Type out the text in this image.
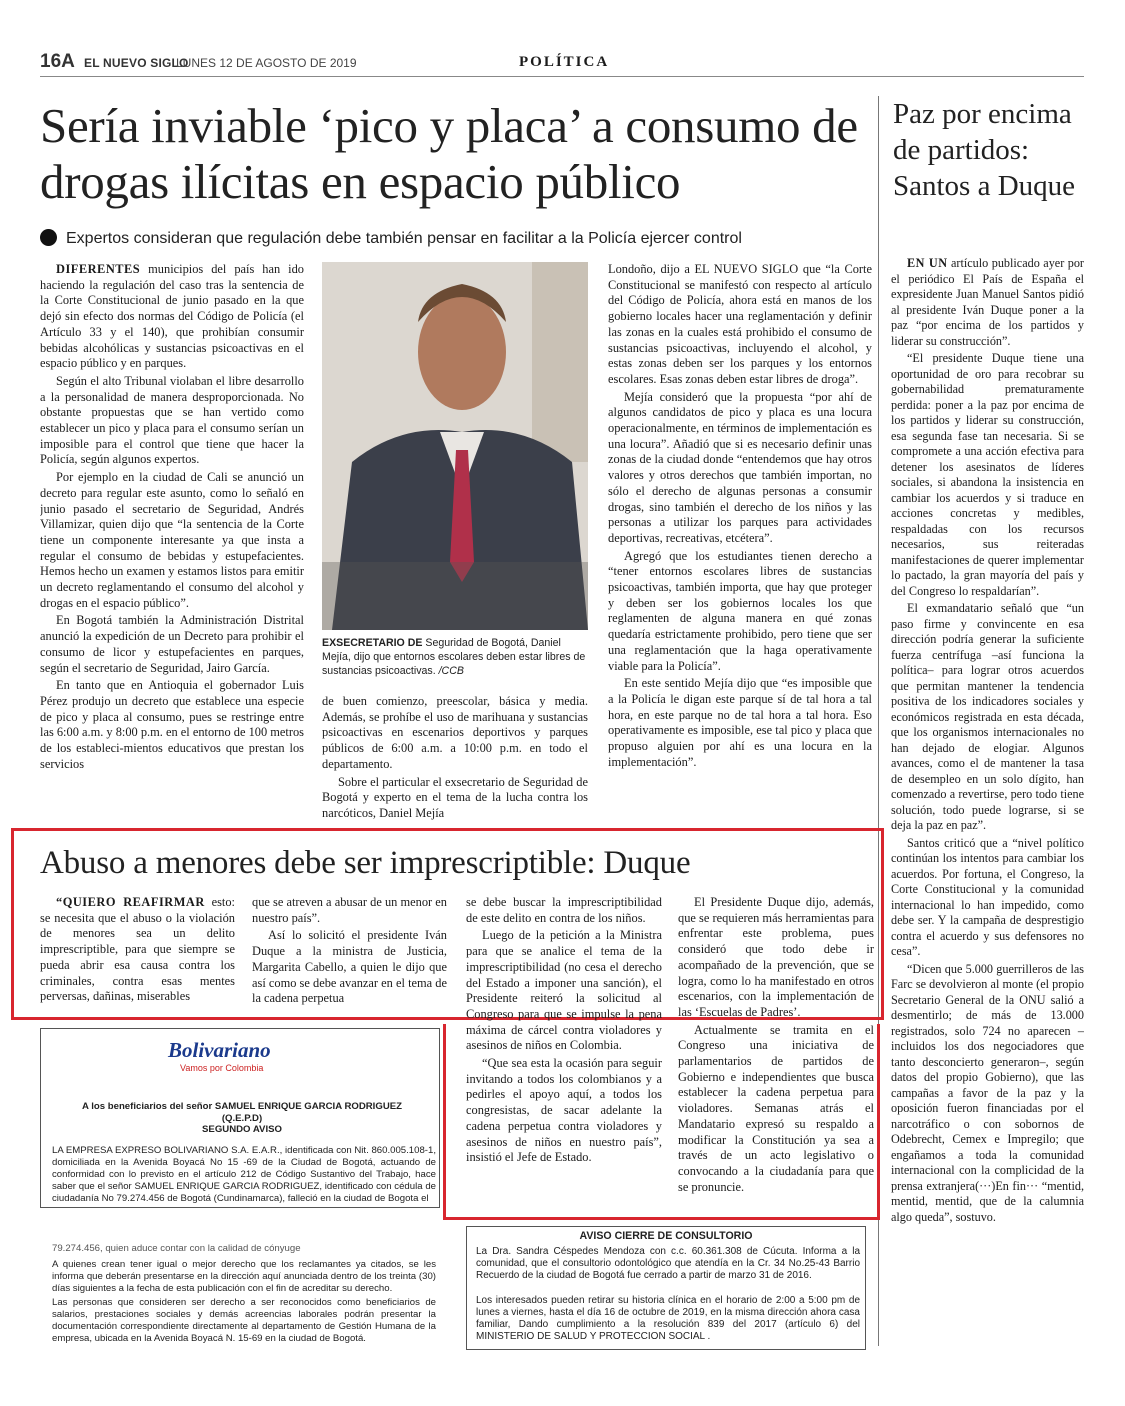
16A EL NUEVO SIGLO
LUNES 12 DE AGOSTO DE 2019	POLÍTICA
Sería inviable ‘pico y placa’ a consumo de drogas ilícitas en espacio público
Expertos consideran que regulación debe también pensar en facilitar a la Policía ejercer control

DIFERENTES municipios del país han ido haciendo la regulación del caso tras la sentencia de la Corte Constitucional de junio pasado en la que dejó sin efecto dos normas del Código de Policía (el Artículo 33 y el 140), que prohibían consumir bebidas alcohólicas y sustancias psicoactivas en el espacio público y en parques.

Según el alto Tribunal violaban el libre desarrollo a la personalidad de manera desproporcionada. No obstante propuestas que se han vertido como establecer un pico y placa para el consumo serían un imposible para el control que tiene que hacer la Policía, según algunos expertos.

Por ejemplo en la ciudad de Cali se anunció un decreto para regular este asunto, como lo señaló en junio pasado el secretario de Seguridad, Andrés Villamizar, quien dijo que “la sentencia de la Corte tiene un componente interesante ya que insta a regular el consumo de bebidas y estupefacientes. Hemos hecho un examen y estamos listos para emitir un decreto reglamentando el consumo del alcohol y drogas en el espacio público”.

En Bogotá también la Administración Distrital anunció la expedición de un Decreto para prohibir el consumo de licor y estupefacientes en parques, según el secretario de Seguridad, Jairo García.

En tanto que en Antioquia el gobernador Luis Pérez produjo un decreto que establece una especie de pico y placa al consumo, pues se restringe entre las 6:00 a.m. y 8:00 p.m. en el entorno de 100 metros de los estableci-mientos educativos que prestan los servicios

EXSECRETARIO DE Seguridad de Bogotá, Daniel Mejía, dijo que entornos escolares deben estar libres de sustancias psicoactivas. /CCB

de buen comienzo, preescolar, básica y media. Además, se prohíbe el uso de marihuana y sustancias psicoactivas en escenarios deportivos y parques públicos de 6:00 a.m. a 10:00 p.m. en todo el departamento.

Sobre el particular el exsecretario de Seguridad de Bogotá y experto en el tema de la lucha contra los narcóticos, Daniel Mejía

Londoño, dijo a EL NUEVO SIGLO que “la Corte Constitucional se manifestó con respecto al artículo del Código de Policía, ahora está en manos de los gobierno locales hacer una reglamentación y definir las zonas en la cuales está prohibido el consumo de sustancias psicoactivas, incluyendo el alcohol, y estas zonas deben ser los parques y los entornos escolares. Esas zonas deben estar libres de droga”.

Mejía consideró que la propuesta “por ahí de algunos candidatos de pico y placa es una locura operacionalmente, en términos de implementación es una locura”. Añadió que si es necesario definir unas zonas de la ciudad donde “entendemos que hay otros valores y otros derechos que también importan, no sólo el derecho de algunas personas a consumir drogas, sino también el derecho de los niños y las personas a utilizar los parques para actividades deportivas, recreativas, etcétera”.

Agregó que los estudiantes tienen derecho a “tener entornos escolares libres de sustancias psicoactivas, también importa, que hay que proteger y deben ser los gobiernos locales los que reglamenten de alguna manera en qué zonas quedaría estrictamente prohibido, pero tiene que ser una reglamentación que la haga operativamente viable para la Policía”.

En este sentido Mejía dijo que “es imposible que a la Policía le digan este parque sí de tal hora a tal hora, en este parque no de tal hora a tal hora. Eso operativamente es imposible, ese tal pico y placa que propuso alguien por ahí es una locura en la implementación”.

Paz por encima de partidos: Santos a Duque

EN UN artículo publicado ayer por el periódico El País de España el expresidente Juan Manuel Santos pidió al presidente Iván Duque poner a la paz “por encima de los partidos y liderar su construcción”.

“El presidente Duque tiene una oportunidad de oro para recobrar su gobernabilidad prematuramente perdida: poner a la paz por encima de los partidos y liderar su construcción, esa segunda fase tan necesaria. Si se compromete a una acción efectiva para detener los asesinatos de líderes sociales, si abandona la insistencia en cambiar los acuerdos y si traduce en acciones concretas y medibles, respaldadas con los recursos necesarios, sus reiteradas manifestaciones de querer implementar lo pactado, la gran mayoría del país y del Congreso lo respaldarían”.

El exmandatario señaló que “un paso firme y convincente en esa dirección podría generar la suficiente fuerza centrífuga –así funciona la política– para lograr otros acuerdos que permitan mantener la tendencia positiva de los indicadores sociales y económicos registrada en esta década, que los organismos internacionales no han dejado de elogiar. Algunos avances, como el de mantener la tasa de desempleo en un solo dígito, han comenzado a revertirse, pero todo tiene solución, todo puede lograrse, si se deja la paz en paz”.

Santos criticó que a “nivel político continúan los intentos para cambiar los acuerdos. Por fortuna, el Congreso, la Corte Constitucional y la comunidad internacional lo han impedido, como debe ser. Y la campaña de desprestigio contra el acuerdo y sus defensores no cesa”.

“Dicen que 5.000 guerrilleros de las Farc se devolvieron al monte (el propio Secretario General de la ONU salió a desmentirlo; de más de 13.000 registrados, solo 724 no aparecen –incluidos los dos negociadores que tanto desconcierto generaron–, según datos del propio Gobierno), que las campañas a favor de la paz y la oposición fueron financiadas por el narcotráfico o con sobornos de Odebrecht, Cemex e Impregilo; que engañamos a toda la comunidad internacional con la complicidad de la prensa extranjera(···)En fin··· “mentid, mentid, mentid, que de la calumnia algo queda”, sostuvo.

Abuso a menores debe ser imprescriptible: Duque

“QUIERO REAFIRMAR esto: se necesita que el abuso o la violación de menores sea un delito imprescriptible, para que siempre se pueda abrir esa causa contra los criminales, contra esas mentes perversas, dañinas, miserables

que se atreven a abusar de un menor en nuestro país”.

Así lo solicitó el presidente Iván Duque a la ministra de Justicia, Margarita Cabello, a quien le dijo que así como se debe avanzar en el tema de la cadena perpetua

se debe buscar la imprescriptibilidad de este delito en contra de los niños.

Luego de la petición a la Ministra para que se analice el tema de la imprescriptibilidad (no cesa el derecho del Estado a imponer una sanción), el Presidente reiteró la solicitud al Congreso para que se impulse la pena máxima de cárcel contra violadores y asesinos de niños en Colombia.

“Que sea esta la ocasión para seguir invitando a todos los colombianos y a pedirles el apoyo aquí, a todos los congresistas, de sacar adelante la cadena perpetua contra violadores y asesinos de niños en nuestro país”, insistió el Jefe de Estado.

El Presidente Duque dijo, además, que se requieren más herramientas para enfrentar este problema, pues consideró que todo debe ir acompañado de la prevención, que se logra, como lo ha manifestado en otros escenarios, con la implementación de las ‘Escuelas de Padres’.

Actualmente se tramita en el Congreso una iniciativa de parlamentarios de partidos de Gobierno e independientes que busca establecer la cadena perpetua para violadores. Semanas atrás el Mandatario expresó su respaldo a modificar la Constitución ya sea a través de un acto legislativo o convocando a la ciudadanía para que se pronuncie.

Bolivariano
Vamos por Colombia
A los beneficiarios del señor SAMUEL ENRIQUE GARCIA RODRIGUEZ (Q.E.P.D)
SEGUNDO AVISO
LA EMPRESA EXPRESO BOLIVARIANO S.A. E.A.R., identificada con Nit. 860.005.108-1, domiciliada en la Avenida Boyacá No 15 -69 de la Ciudad de Bogotá, actuando de conformidad con lo previsto en el artículo 212 de Código Sustantivo del Trabajo, hace saber que el señor SAMUEL ENRIQUE GARCIA RODRIGUEZ, identificado con cédula de ciudadanía No 79.274.456 de Bogotá (Cundinamarca), falleció en la ciudad de Bogota el
79.274.456, quien aduce contar con la calidad de cónyuge
A quienes crean tener igual o mejor derecho que los reclamantes ya citados, se les informa que deberán presentarse en la dirección aquí anunciada dentro de los treinta (30) días siguientes a la fecha de esta publicación con el fin de acreditar su derecho.
Las personas que consideren ser derecho a ser reconocidos como beneficiarios de salarios, prestaciones sociales y demás acreencias laborales podrán presentar la documentación correspondiente directamente al departamento de Gestión Humana de la empresa, ubicada en la Avenida Boyacá N. 15-69 en la ciudad de Bogotá.
AVISO CIERRE DE CONSULTORIO
La Dra. Sandra Céspedes Mendoza con c.c. 60.361.308 de Cúcuta. Informa a la comunidad, que el consultorio odontológico que atendía en la Cr. 34 No.25-43 Barrio Recuerdo de la ciudad de Bogotá fue cerrado a partir de marzo 31 de 2016.
Los interesados pueden retirar su historia clínica en el horario de 2:00 a 5:00 pm de lunes a viernes, hasta el día 16 de octubre de 2019, en la misma dirección ahora casa familiar, Dando cumplimiento a la resolución 839 del 2017 (artículo 6) del MINISTERIO DE SALUD Y PROTECCION SOCIAL .
